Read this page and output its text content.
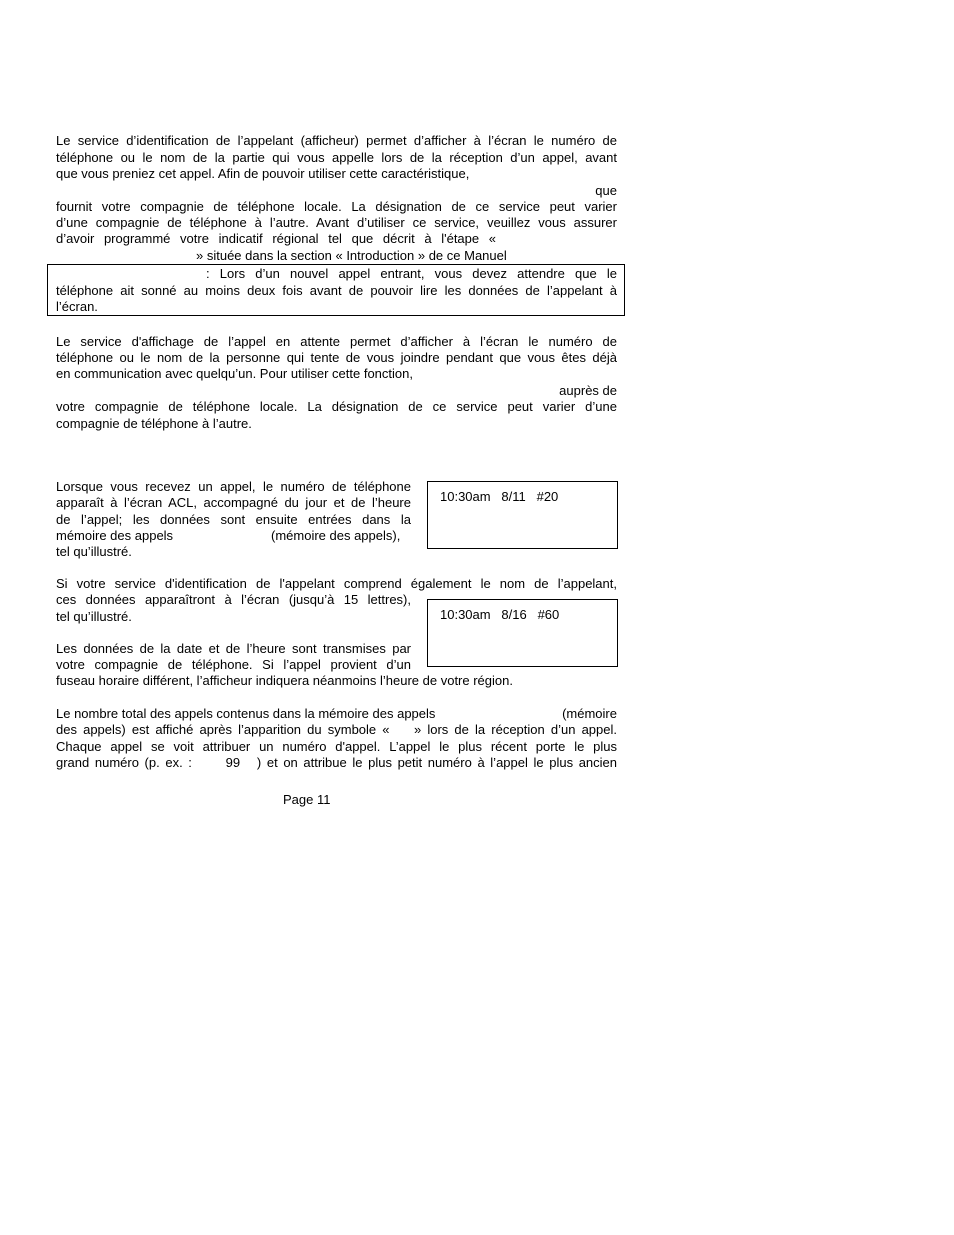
Le service d’identification de l’appelant (afficheur) permet d’afficher à l’écran le numéro de
téléphone ou le nom de la partie qui vous appelle lors de la réception d’un appel, avant
que vous preniez cet appel. Afin de pouvoir utiliser cette caractéristique,
que
fournit votre compagnie de téléphone locale. La désignation de ce service peut varier
d’une compagnie de téléphone à l’autre. Avant d’utiliser ce service, veuillez vous assurer
d’avoir programmé votre indicatif régional tel que décrit à l'étape «
» située dans la section « Introduction » de ce Manuel
: Lors d’un nouvel appel entrant, vous devez attendre que le
téléphone ait sonné au moins deux fois avant de pouvoir lire les données de l’appelant à
l’écran.
Le service d'affichage de l’appel en attente permet d’afficher à l’écran le numéro de
téléphone ou le nom de la personne qui tente de vous joindre pendant que vous êtes déjà
en communication avec quelqu’un. Pour utiliser cette fonction,
auprès de
votre compagnie de téléphone locale. La désignation de ce service peut varier d’une
compagnie de téléphone à l’autre.
Lorsque vous recevez un appel, le numéro de téléphone
apparaît à l’écran ACL, accompagné du jour et de l’heure
de l’appel; les données sont ensuite entrées dans la
mémoire des appels	(mémoire des appels),
tel qu’illustré.
10:30am   8/11   #20
Si votre service d'identification de l'appelant comprend également le nom de l’appelant,
ces données apparaîtront à l’écran (jusqu’à 15 lettres),
tel qu’illustré.	10:30am   8/16   #60
Les données de la date et de l’heure sont transmises par
votre compagnie de téléphone. Si l’appel provient d’un
fuseau horaire différent, l’afficheur indiquera néanmoins l’heure de votre région.
Le nombre total des appels contenus dans la mémoire des appels	(mémoire
des appels) est affiché après l’apparition du symbole «    » lors de la réception d’un appel.
Chaque appel se voit attribuer un numéro d'appel. L’appel le plus récent porte le plus
grand numéro (p. ex. :      99   ) et on attribue le plus petit numéro à l’appel le plus ancien
Page 11
